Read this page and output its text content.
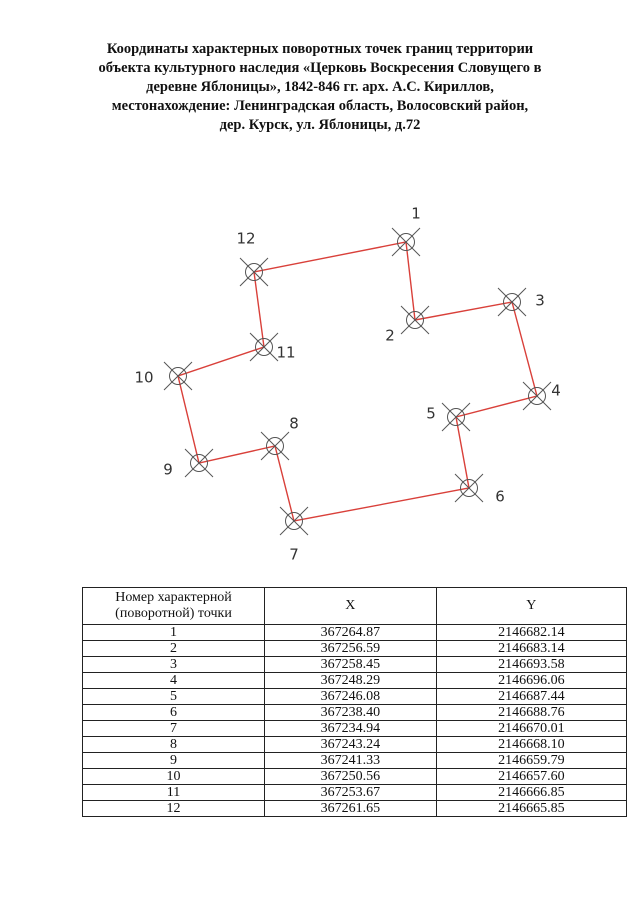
Координаты характерных поворотных точек границ территории
объекта культурного наследия «Церковь Воскресения Словущего в
деревне Яблоницы», 1842-846 гг. арх. А.С. Кириллов,
местонахождение: Ленинградская область, Волосовский район,
дер. Курск, ул. Яблоницы, д.72
1
2
3
4
5
6
7
8
9
10
11
12
Номер характерной
(поворотной) точки	X	Y
1	367264.87	2146682.14
2	367256.59	2146683.14
3	367258.45	2146693.58
4	367248.29	2146696.06
5	367246.08	2146687.44
6	367238.40	2146688.76
7	367234.94	2146670.01
8	367243.24	2146668.10
9	367241.33	2146659.79
10	367250.56	2146657.60
11	367253.67	2146666.85
12	367261.65	2146665.85
